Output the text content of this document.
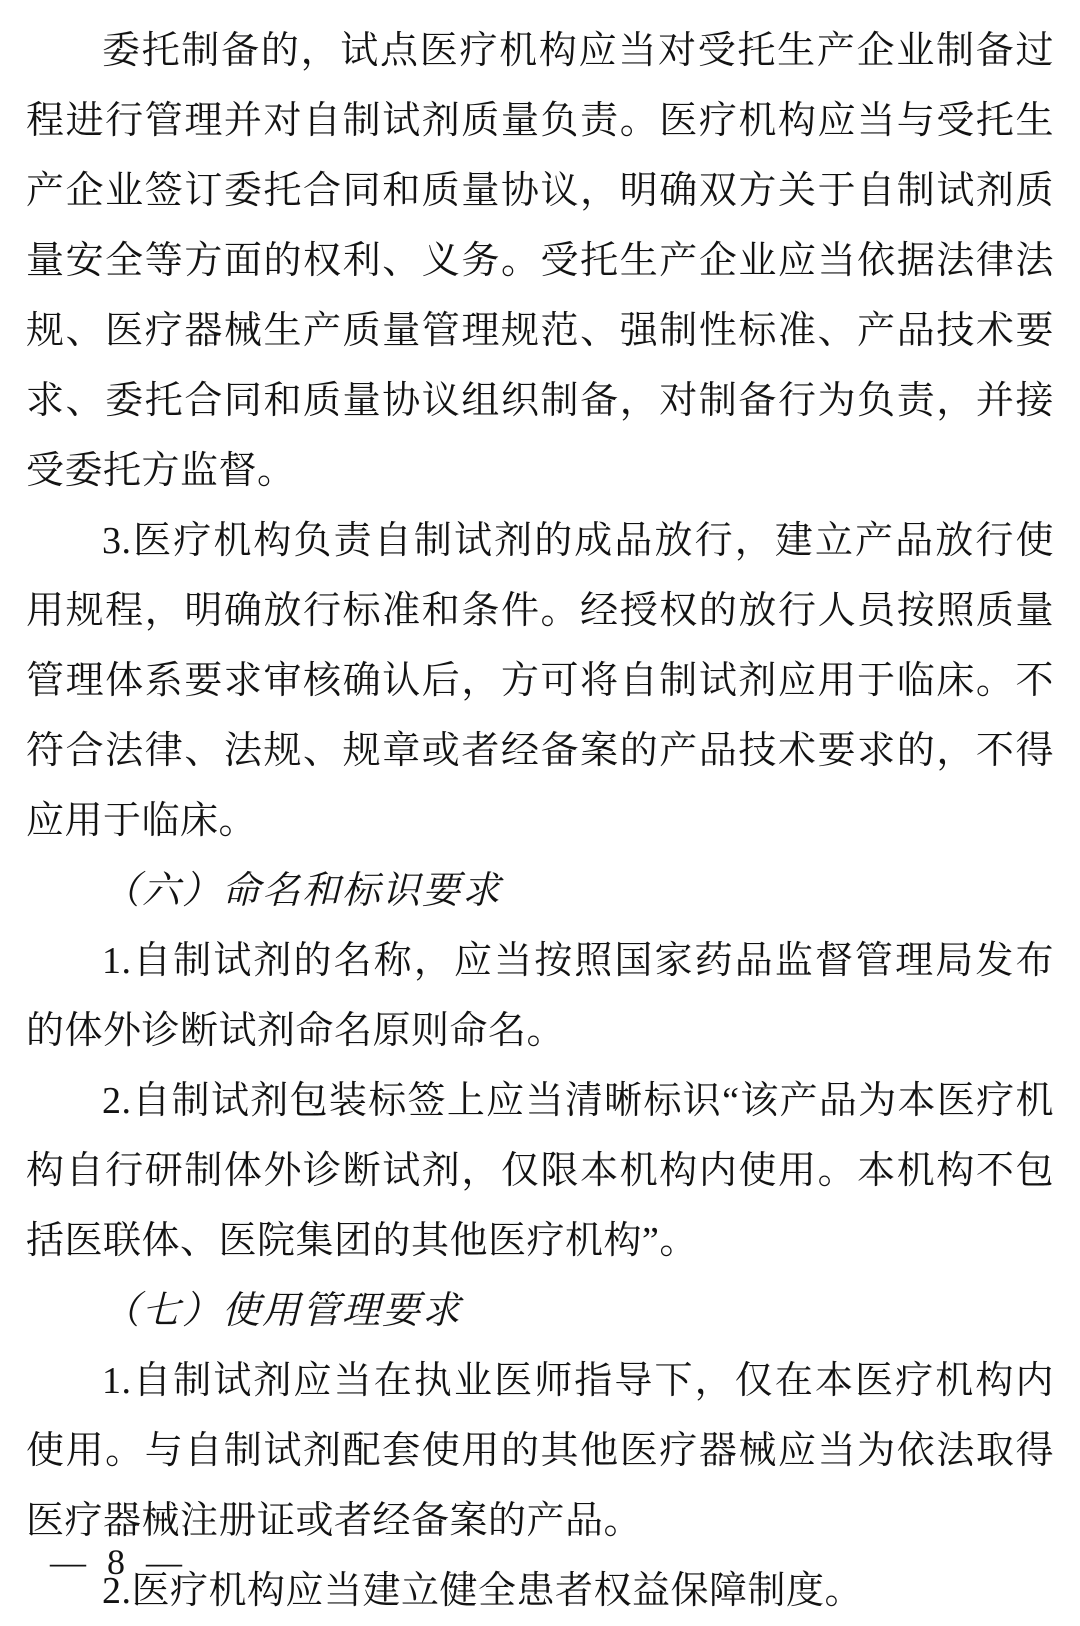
委托制备的，试点医疗机构应当对受托生产企业制备过程进行管理并对自制试剂质量负责。医疗机构应当与受托生产企业签订委托合同和质量协议，明确双方关于自制试剂质量安全等方面的权利、义务。受托生产企业应当依据法律法规、医疗器械生产质量管理规范、强制性标准、产品技术要求、委托合同和质量协议组织制备，对制备行为负责，并接受委托方监督。

3.医疗机构负责自制试剂的成品放行，建立产品放行使用规程，明确放行标准和条件。经授权的放行人员按照质量管理体系要求审核确认后，方可将自制试剂应用于临床。不符合法律、法规、规章或者经备案的产品技术要求的，不得应用于临床。

（六）命名和标识要求

1.自制试剂的名称，应当按照国家药品监督管理局发布的体外诊断试剂命名原则命名。

2.自制试剂包装标签上应当清晰标识“该产品为本医疗机构自行研制体外诊断试剂，仅限本机构内使用。本机构不包括医联体、医院集团的其他医疗机构”。

（七）使用管理要求

1.自制试剂应当在执业医师指导下，仅在本医疗机构内使用。与自制试剂配套使用的其他医疗器械应当为依法取得医疗器械注册证或者经备案的产品。

2.医疗机构应当建立健全患者权益保障制度。

— 8 —
